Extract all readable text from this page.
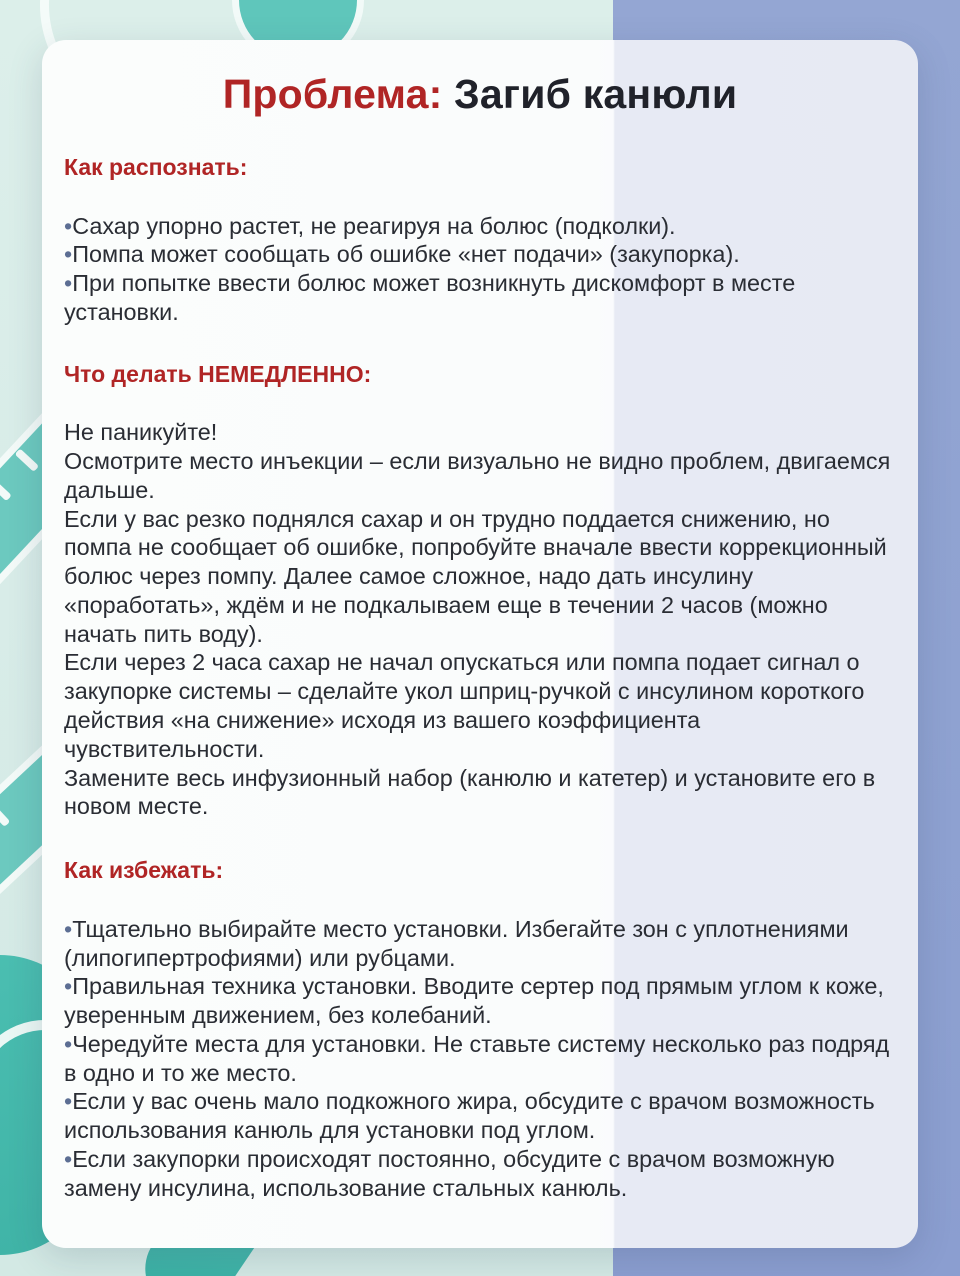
Проблема: Загиб канюли
Как распознать:

•Сахар упорно растет, не реагируя на болюс (подколки).

•Помпа может сообщать об ошибке «нет подачи» (закупорка).

•При попытке ввести болюс может возникнуть дискомфорт в месте установки.

Что делать НЕМЕДЛЕННО:

Не паникуйте!

Осмотрите место инъекции – если визуально не видно проблем, двигаемся дальше.

Если у вас резко поднялся сахар и он трудно поддается снижению, но помпа не сообщает об ошибке, попробуйте вначале ввести коррекционный болюс через помпу. Далее самое сложное, надо дать инсулину «поработать», ждём и не подкалываем еще в течении 2 часов (можно начать пить воду).

Если через 2 часа сахар не начал опускаться или помпа подает сигнал о закупорке системы – сделайте укол шприц-ручкой с инсулином короткого действия «на снижение» исходя из вашего коэффициента чувствительности.

Замените весь инфузионный набор (канюлю и катетер) и установите его в новом месте.

Как избежать:

•Тщательно выбирайте место установки. Избегайте зон с уплотнениями (липогипертрофиями) или рубцами.

•Правильная техника установки. Вводите сертер под прямым углом к коже, уверенным движением, без колебаний.

•Чередуйте места для установки. Не ставьте систему несколько раз подряд в одно и то же место.

•Если у вас очень мало подкожного жира, обсудите с врачом возможность использования канюль для установки под углом.

•Если закупорки происходят постоянно, обсудите с врачом возможную замену инсулина, использование стальных канюль.
